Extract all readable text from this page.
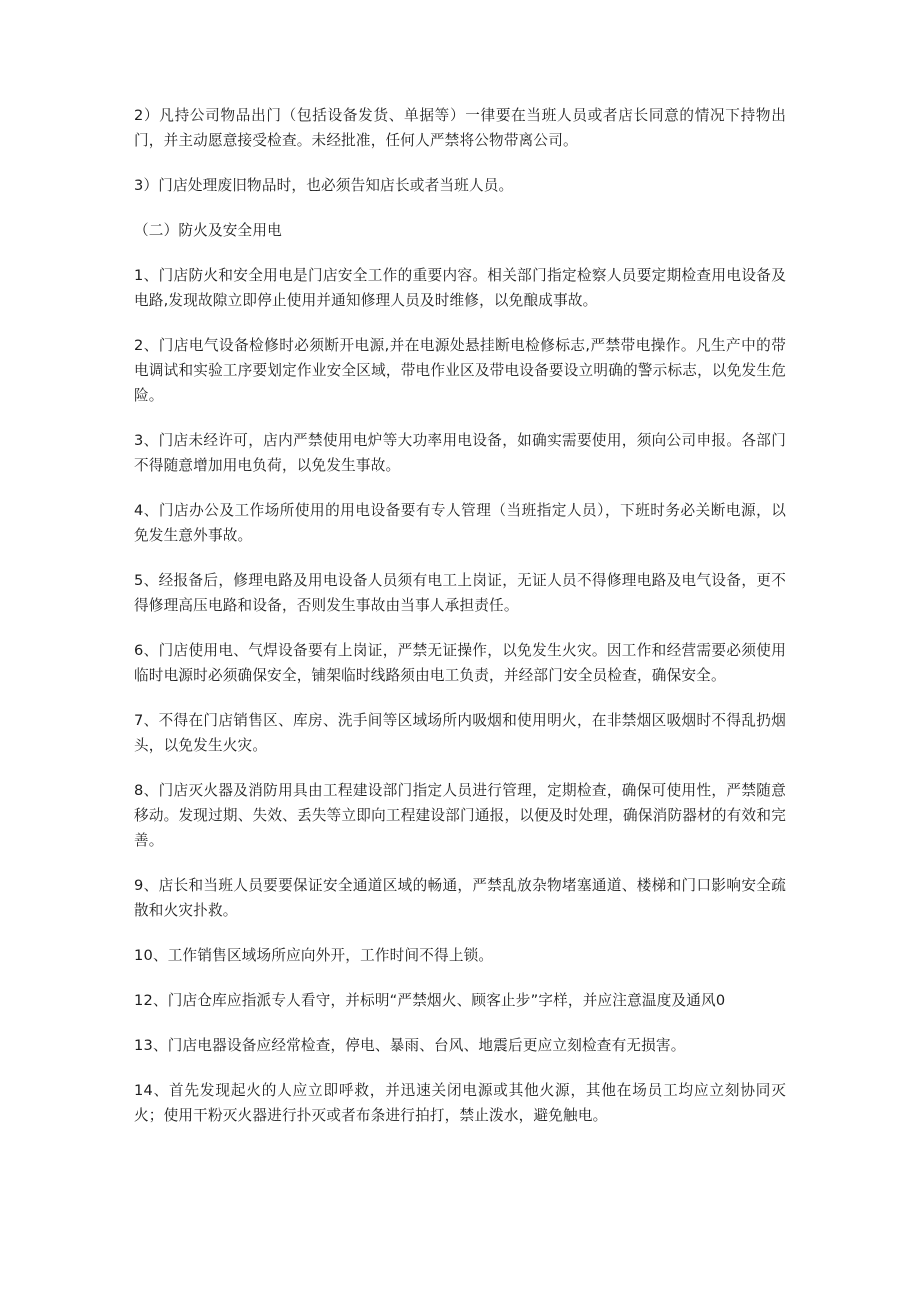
2）凡持公司物品出门（包括设备发货、单据等）一律要在当班人员或者店长同意的情况下持物出门，并主动愿意接受检查。未经批准，任何人严禁将公物带离公司。

3）门店处理废旧物品时，也必须告知店长或者当班人员。

（二）防火及安全用电

1、门店防火和安全用电是门店安全工作的重要内容。相关部门指定检察人员要定期检查用电设备及电路,发现故隙立即停止使用并通知修理人员及时维修，以免酿成事故。

2、门店电气设备检修时必须断开电源,并在电源处悬挂断电检修标志,严禁带电操作。凡生产中的带电调试和实验工序要划定作业安全区域，带电作业区及带电设备要设立明确的警示标志，以免发生危险。

3、门店未经许可，店内严禁使用电炉等大功率用电设备，如确实需要使用，须向公司申报。各部门不得随意增加用电负荷，以免发生事故。

4、门店办公及工作场所使用的用电设备要有专人管理（当班指定人员），下班时务必关断电源，以免发生意外事故。

5、经报备后，修理电路及用电设备人员须有电工上岗证，无证人员不得修理电路及电气设备，更不得修理高压电路和设备，否则发生事故由当事人承担责任。

6、门店使用电、气焊设备要有上岗证，严禁无证操作，以免发生火灾。因工作和经营需要必须使用临时电源时必须确保安全，铺架临时线路须由电工负责，并经部门安全员检查，确保安全。

7、不得在门店销售区、库房、洗手间等区域场所内吸烟和使用明火，在非禁烟区吸烟时不得乱扔烟头，以免发生火灾。

8、门店灭火器及消防用具由工程建设部门指定人员进行管理，定期检查，确保可使用性，严禁随意移动。发现过期、失效、丢失等立即向工程建设部门通报，以便及时处理，确保消防器材的有效和完善。

9、店长和当班人员要要保证安全通道区域的畅通，严禁乱放杂物堵塞通道、楼梯和门口影响安全疏散和火灾扑救。

10、工作销售区域场所应向外开，工作时间不得上锁。

12、门店仓库应指派专人看守，并标明“严禁烟火、顾客止步”字样，并应注意温度及通风0

13、门店电器设备应经常检查，停电、暴雨、台风、地震后更应立刻检查有无损害。

14、首先发现起火的人应立即呼救，并迅速关闭电源或其他火源，其他在场员工均应立刻协同灭火；使用干粉灭火器进行扑灭或者布条进行拍打，禁止泼水，避免触电。
